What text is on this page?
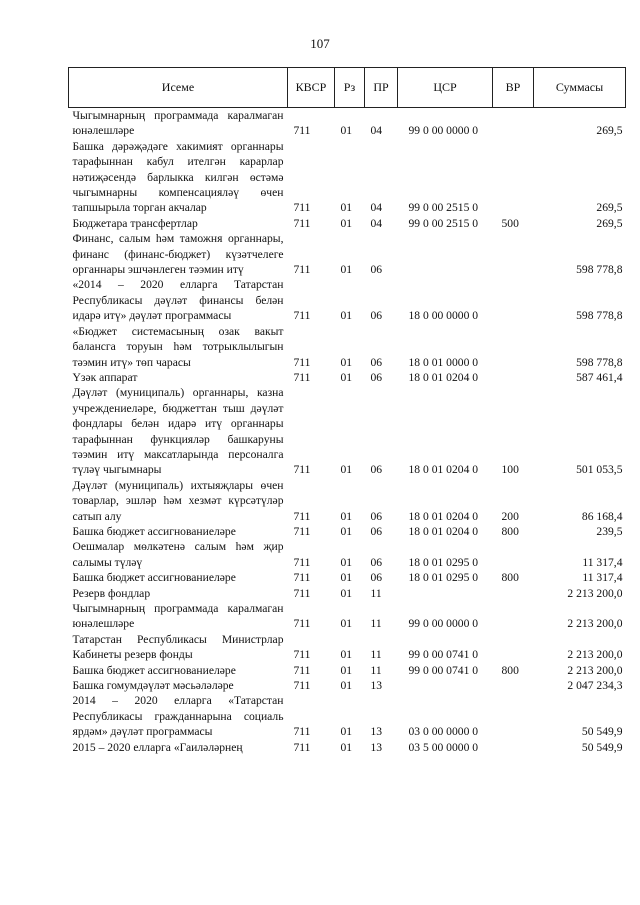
107
Исеме	КВСР	Рз	ПР	ЦСР	ВР	Суммасы
Чыгымнарның программада каралмаган юнәлешләре	711	01	04	99 0 00 0000 0		269,5
Башка дәрәҗәдәге хакимият органнары тарафыннан кабул ителгән карарлар нәтиҗәсендә барлыкка килгән өстәмә чыгымнарны компенсацияләү өчен тапшырыла торган акчалар	711	01	04	99 0 00 2515 0		269,5
Бюджетара трансфертлар	711	01	04	99 0 00 2515 0	500	269,5
Финанс, салым һәм таможня органнары, финанс (финанс-бюджет) күзәтчелеге органнары эшчәнлеген тәэмин итү	711	01	06			598 778,8
«2014 – 2020 елларга Татарстан Республикасы дәүләт финансы белән идарә итү» дәүләт программасы	711	01	06	18 0 00 0000 0		598 778,8
«Бюджет системасының озак вакыт балансга торуын һәм тотрыклылыгын тәэмин итү» төп чарасы	711	01	06	18 0 01 0000 0		598 778,8
Үзәк аппарат	711	01	06	18 0 01 0204 0		587 461,4
Дәүләт (муниципаль) органнары, казна учреждениеләре, бюджеттан тыш дәүләт фондлары белән идарә итү органнары тарафыннан функцияләр башкаруны тәэмин итү максатларында персоналга түләү чыгымнары	711	01	06	18 0 01 0204 0	100	501 053,5
Дәүләт (муниципаль) ихтыяҗлары өчен товарлар, эшләр һәм хезмәт күрсәтүләр сатып алу	711	01	06	18 0 01 0204 0	200	86 168,4
Башка бюджет ассигнованиеләре	711	01	06	18 0 01 0204 0	800	239,5
Оешмалар мөлкәтенә салым һәм җир салымы түләү	711	01	06	18 0 01 0295 0		11 317,4
Башка бюджет ассигнованиеләре	711	01	06	18 0 01 0295 0	800	11 317,4
Резерв фондлар	711	01	11			2 213 200,0
Чыгымнарның программада каралмаган юнәлешләре	711	01	11	99 0 00 0000 0		2 213 200,0
Татарстан Республикасы Министрлар Кабинеты резерв фонды	711	01	11	99 0 00 0741 0		2 213 200,0
Башка бюджет ассигнованиеләре	711	01	11	99 0 00 0741 0	800	2 213 200,0
Башка гомумдәүләт мәсьәләләре	711	01	13			2 047 234,3
2014 – 2020 елларга «Татарстан Республикасы гражданнарына социаль ярдәм» дәүләт программасы	711	01	13	03 0 00 0000 0		50 549,9
2015 – 2020 елларга «Гаиләләрнең	711	01	13	03 5 00 0000 0		50 549,9
